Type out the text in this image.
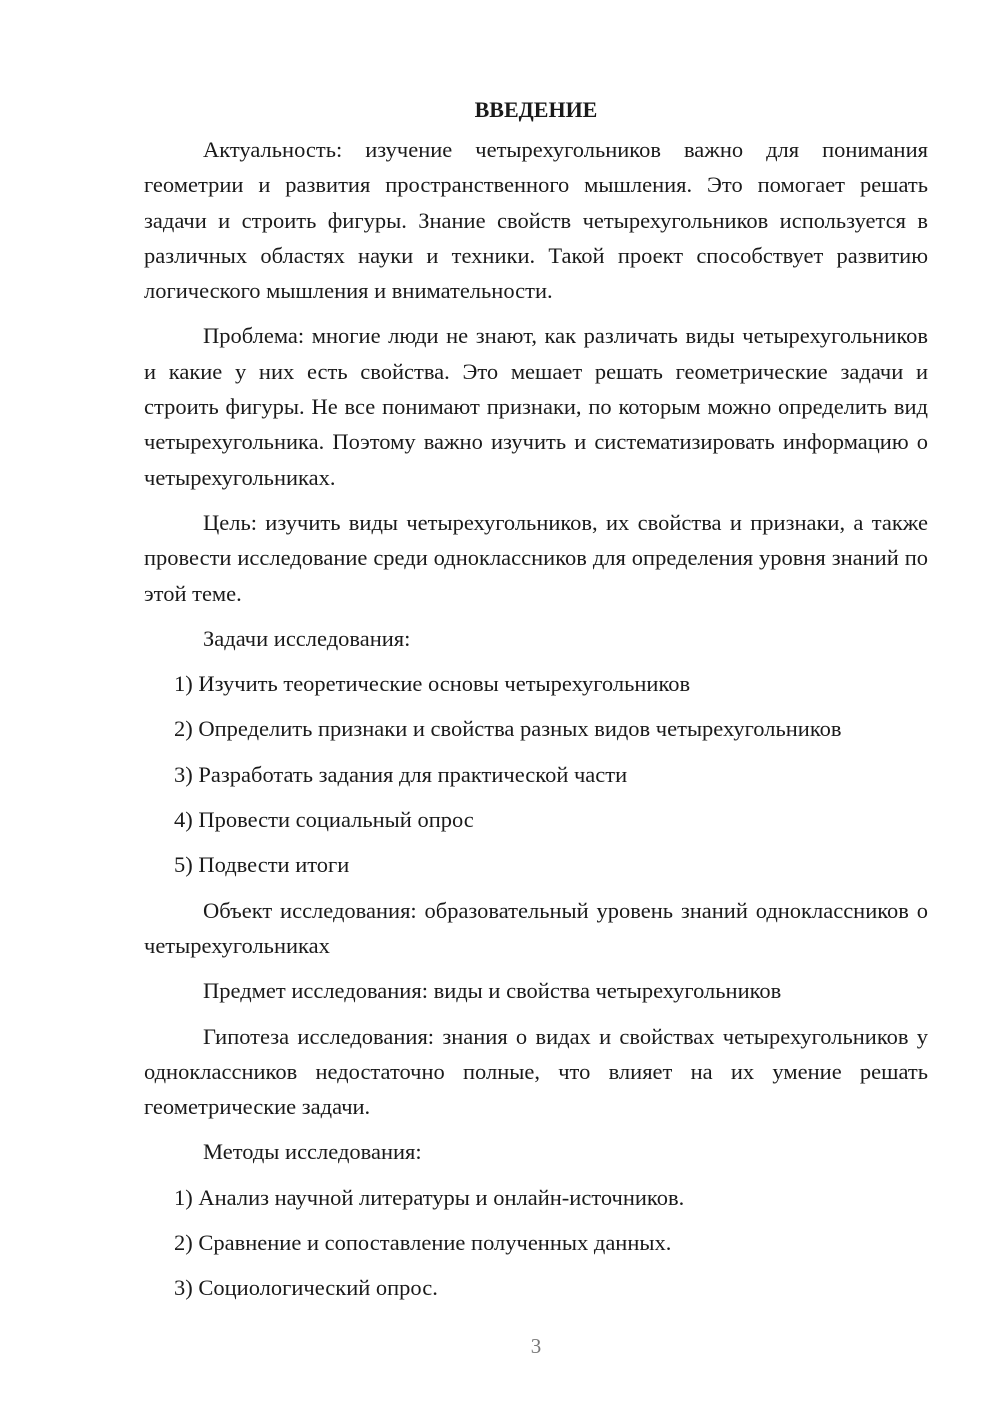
ВВЕДЕНИЕ

Актуальность: изучение четырехугольников важно для понимания геометрии и развития пространственного мышления. Это помогает решать задачи и строить фигуры. Знание свойств четырехугольников используется в различных областях науки и техники. Такой проект способствует развитию логического мышления и внимательности.

Проблема: многие люди не знают, как различать виды четырехугольников и какие у них есть свойства. Это мешает решать геометрические задачи и строить фигуры. Не все понимают признаки, по которым можно определить вид четырехугольника. Поэтому важно изучить и систематизировать информацию о четырехугольниках.

Цель: изучить виды четырехугольников, их свойства и признаки, а также провести исследование среди одноклассников для определения уровня знаний по этой теме.

Задачи исследования:

1) Изучить теоретические основы четырехугольников
2) Определить признаки и свойства разных видов четырехугольников
3) Разработать задания для практической части
4) Провести социальный опрос
5) Подвести итоги

Объект исследования: образовательный уровень знаний одноклассников о четырехугольниках

Предмет исследования: виды и свойства четырехугольников

Гипотеза исследования: знания о видах и свойствах четырехугольников у одноклассников недостаточно полные, что влияет на их умение решать геометрические задачи.

Методы исследования:

1) Анализ научной литературы и онлайн-источников.
2) Сравнение и сопоставление полученных данных.
3) Социологический опрос.
3
